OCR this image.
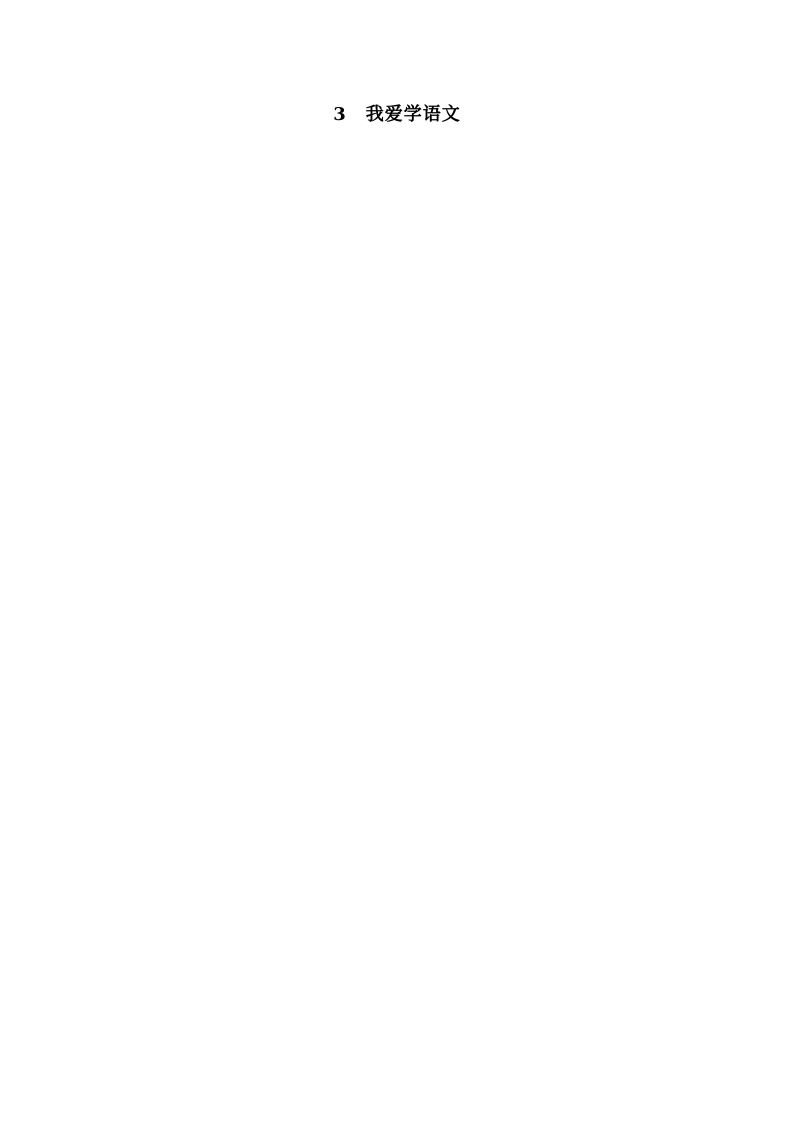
3　我爱学语文
